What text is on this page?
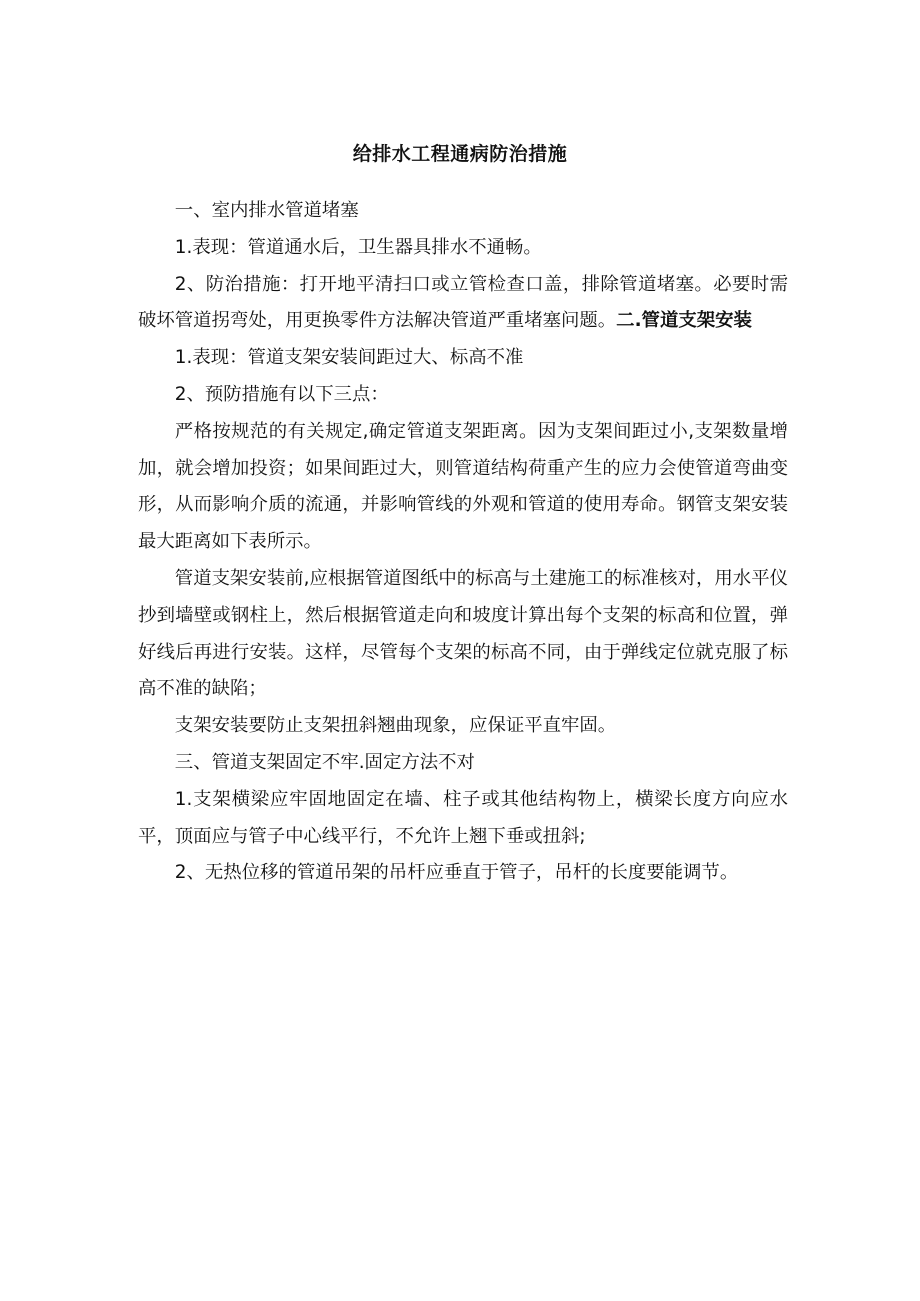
给排水工程通病防治措施

一、室内排水管道堵塞

1.表现：管道通水后，卫生器具排水不通畅。

2、防治措施：打开地平清扫口或立管检查口盖，排除管道堵塞。必要时需破坏管道拐弯处，用更换零件方法解决管道严重堵塞问题。二.管道支架安装

1.表现：管道支架安装间距过大、标高不准

2、预防措施有以下三点：

严格按规范的有关规定,确定管道支架距离。因为支架间距过小,支架数量增加，就会增加投资；如果间距过大，则管道结构荷重产生的应力会使管道弯曲变形，从而影响介质的流通，并影响管线的外观和管道的使用寿命。钢管支架安装最大距离如下表所示。

管道支架安装前,应根据管道图纸中的标高与土建施工的标准核对，用水平仪抄到墙壁或钢柱上，然后根据管道走向和坡度计算出每个支架的标高和位置，弹好线后再进行安装。这样，尽管每个支架的标高不同，由于弹线定位就克服了标高不准的缺陷；

支架安装要防止支架扭斜翘曲现象，应保证平直牢固。

三、管道支架固定不牢.固定方法不对

1.支架横梁应牢固地固定在墙、柱子或其他结构物上，横梁长度方向应水平，顶面应与管子中心线平行，不允许上翘下垂或扭斜;

2、无热位移的管道吊架的吊杆应垂直于管子，吊杆的长度要能调节。
